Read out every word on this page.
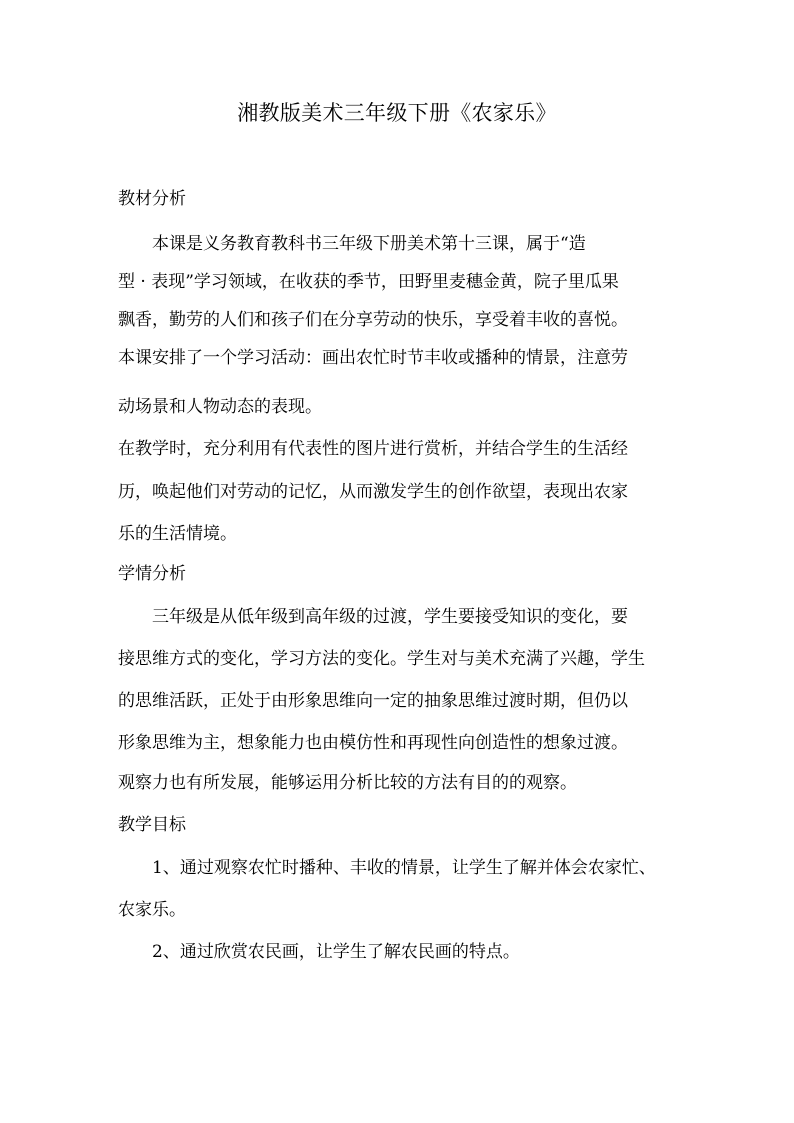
湘教版美术三年级下册《农家乐》
教材分析
本课是义务教育教科书三年级下册美术第十三课，属于“造
型 · 表现”学习领域，在收获的季节，田野里麦穗金黄，院子里瓜果
飘香，勤劳的人们和孩子们在分享劳动的快乐，享受着丰收的喜悦。
本课安排了一个学习活动：画出农忙时节丰收或播种的情景，注意劳
动场景和人物动态的表现。
在教学时，充分利用有代表性的图片进行赏析，并结合学生的生活经
历，唤起他们对劳动的记忆，从而激发学生的创作欲望，表现出农家
乐的生活情境。
学情分析
三年级是从低年级到高年级的过渡，学生要接受知识的变化，要
接思维方式的变化，学习方法的变化。学生对与美术充满了兴趣，学生
的思维活跃，正处于由形象思维向一定的抽象思维过渡时期，但仍以
形象思维为主，想象能力也由模仿性和再现性向创造性的想象过渡。
观察力也有所发展，能够运用分析比较的方法有目的的观察。
教学目标
1、通过观察农忙时播种、丰收的情景，让学生了解并体会农家忙、
农家乐。
2、通过欣赏农民画，让学生了解农民画的特点。
